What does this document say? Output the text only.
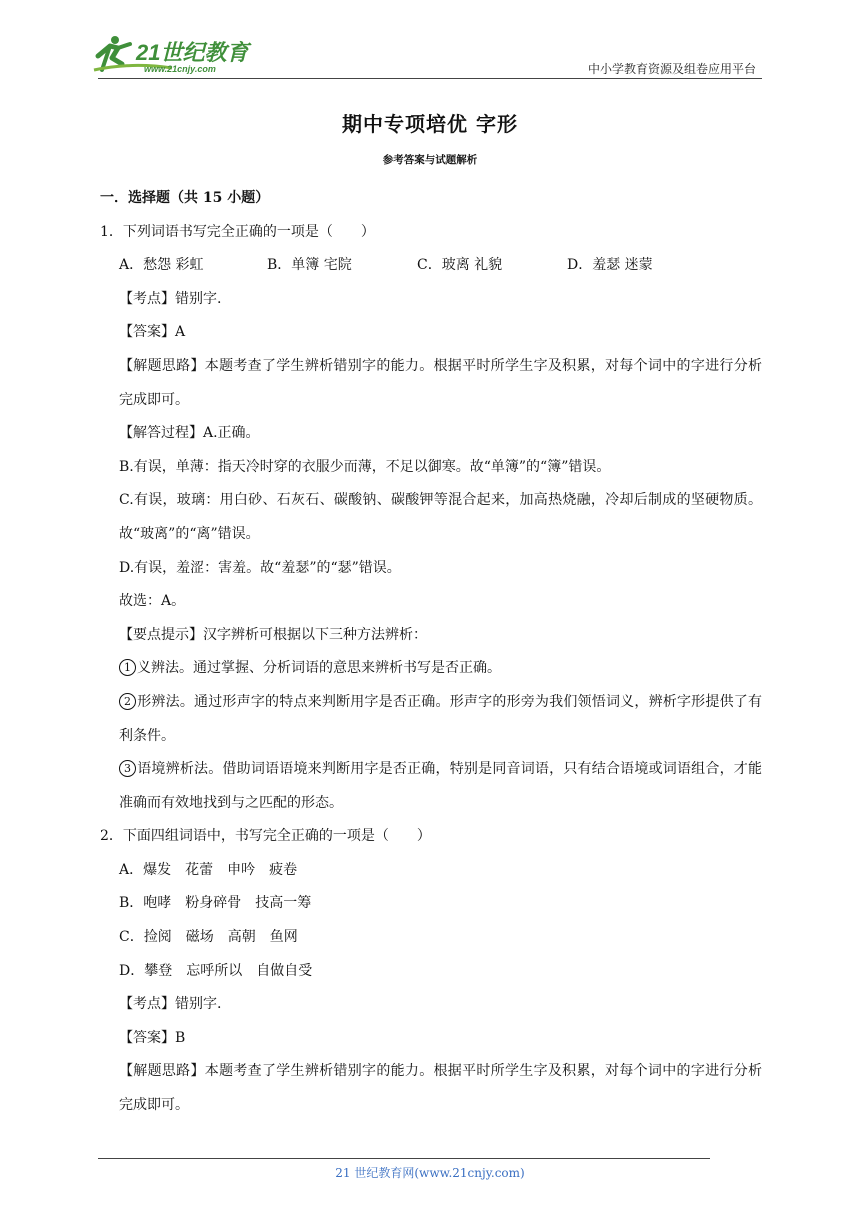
21世纪教育
www.21cnjy.com	中小学教育资源及组卷应用平台
期中专项培优 字形
参考答案与试题解析

一．选择题（共 15 小题）

1．下列词语书写完全正确的一项是（　　）

A．愁怨 彩虹	B．单簿 宅院	C．玻离 礼貌	D．羞瑟 迷蒙

【考点】错别字.

【答案】A

【解题思路】本题考查了学生辨析错别字的能力。根据平时所学生字及积累，对每个词中的字进行分析完成即可。

【解答过程】A.正确。

B.有误，单薄：指天冷时穿的衣服少而薄，不足以御寒。故“单簿”的“簿”错误。

C.有误，玻璃：用白砂、石灰石、碳酸钠、碳酸钾等混合起来，加高热烧融，冷却后制成的坚硬物质。故“玻离”的“离”错误。

D.有误，羞涩：害羞。故“羞瑟”的“瑟”错误。

故选：A。

【要点提示】汉字辨析可根据以下三种方法辨析：

1 义辨法。通过掌握、分析词语的意思来辨析书写是否正确。

2 形辨法。通过形声字的特点来判断用字是否正确。形声字的形旁为我们领悟词义，辨析字形提供了有利条件。

3 语境辨析法。借助词语语境来判断用字是否正确，特别是同音词语，只有结合语境或词语组合，才能准确而有效地找到与之匹配的形态。

2．下面四组词语中，书写完全正确的一项是（　　）

A．爆发　花蕾　申吟　疲卷

B．咆哮　粉身碎骨　技高一筹

C．捡阅　磁场　高朝　鱼网

D．攀登　忘呼所以　自做自受

【考点】错别字.

【答案】B

【解题思路】本题考查了学生辨析错别字的能力。根据平时所学生字及积累，对每个词中的字进行分析完成即可。

21 世纪教育网(www.21cnjy.com)
